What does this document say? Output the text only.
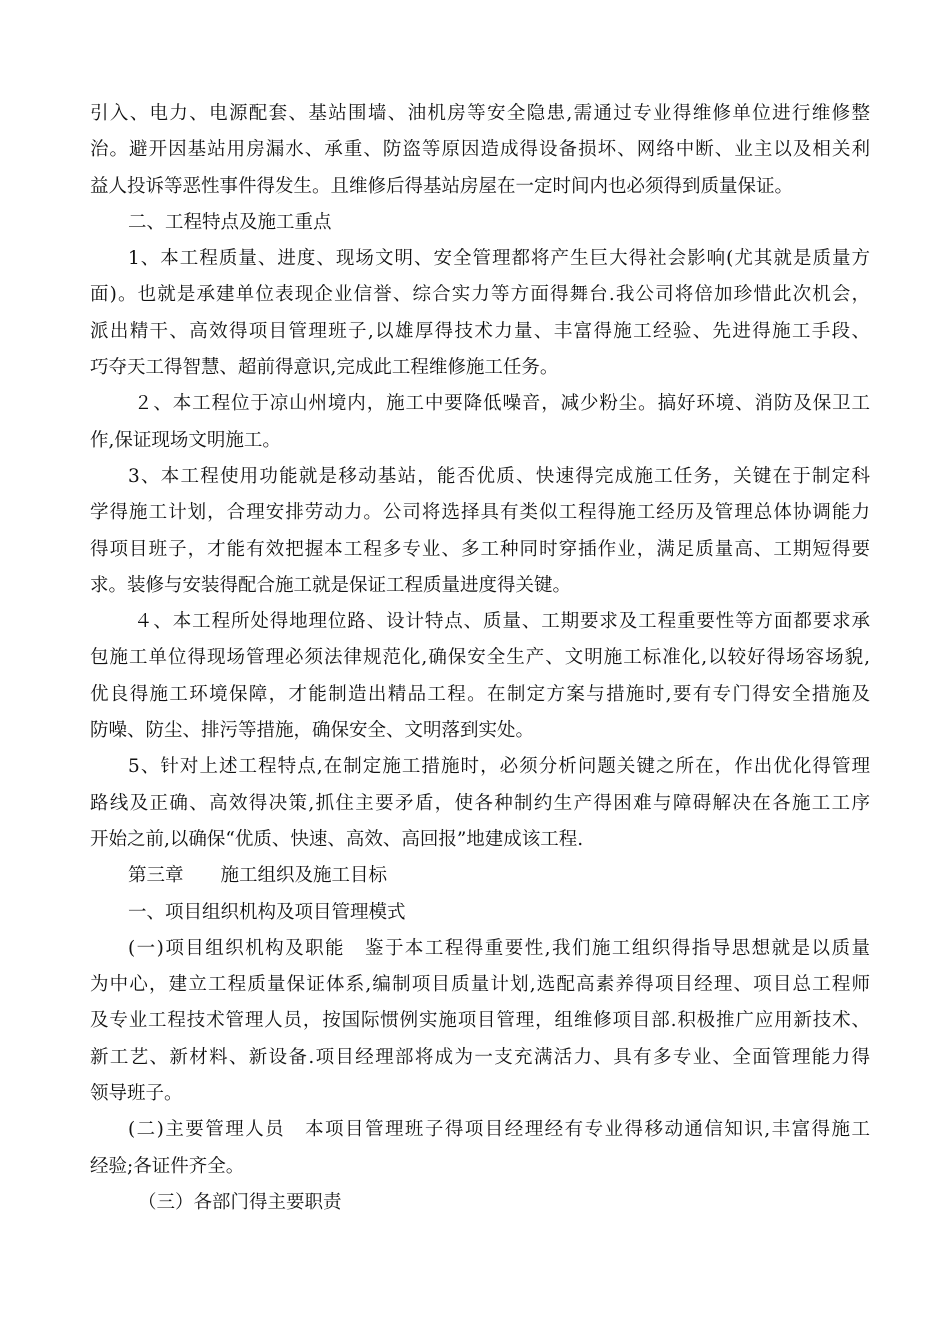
引入、电力、电源配套、基站围墙、油机房等安全隐患,需通过专业得维修单位进行维修整
治。避开因基站用房漏水、承重、防盗等原因造成得设备损坏、网络中断、业主以及相关利
益人投诉等恶性事件得发生。且维修后得基站房屋在一定时间内也必须得到质量保证。
二、工程特点及施工重点
1、本工程质量、进度、现场文明、安全管理都将产生巨大得社会影响(尤其就是质量方
面)。也就是承建单位表现企业信誉、综合实力等方面得舞台.我公司将倍加珍惜此次机会，
派出精干、高效得项目管理班子,以雄厚得技术力量、丰富得施工经验、先进得施工手段、
巧夺天工得智慧、超前得意识,完成此工程维修施工任务。
２、本工程位于凉山州境内，施工中要降低噪音，减少粉尘。搞好环境、消防及保卫工
作,保证现场文明施工。
3、本工程使用功能就是移动基站，能否优质、快速得完成施工任务，关键在于制定科
学得施工计划，合理安排劳动力。公司将选择具有类似工程得施工经历及管理总体协调能力
得项目班子，才能有效把握本工程多专业、多工种同时穿插作业，满足质量高、工期短得要
求。装修与安装得配合施工就是保证工程质量进度得关键。
４、本工程所处得地理位路、设计特点、质量、工期要求及工程重要性等方面都要求承
包施工单位得现场管理必须法律规范化,确保安全生产、文明施工标准化,以较好得场容场貌,
优良得施工环境保障，才能制造出精品工程。在制定方案与措施时,要有专门得安全措施及
防噪、防尘、排污等措施，确保安全、文明落到实处。
5、针对上述工程特点,在制定施工措施时，必须分析问题关键之所在，作出优化得管理
路线及正确、高效得决策,抓住主要矛盾，使各种制约生产得困难与障碍解决在各施工工序
开始之前,以确保“优质、快速、高效、高回报”地建成该工程.
第三章　　施工组织及施工目标
一、项目组织机构及项目管理模式
(一)项目组织机构及职能　鉴于本工程得重要性,我们施工组织得指导思想就是以质量
为中心，建立工程质量保证体系,编制项目质量计划,选配高素养得项目经理、项目总工程师
及专业工程技术管理人员，按国际惯例实施项目管理，组维修项目部.积极推广应用新技术、
新工艺、新材料、新设备.项目经理部将成为一支充满活力、具有多专业、全面管理能力得
领导班子。
(二)主要管理人员　本项目管理班子得项目经理经有专业得移动通信知识,丰富得施工
经验;各证件齐全。
（三）各部门得主要职责
